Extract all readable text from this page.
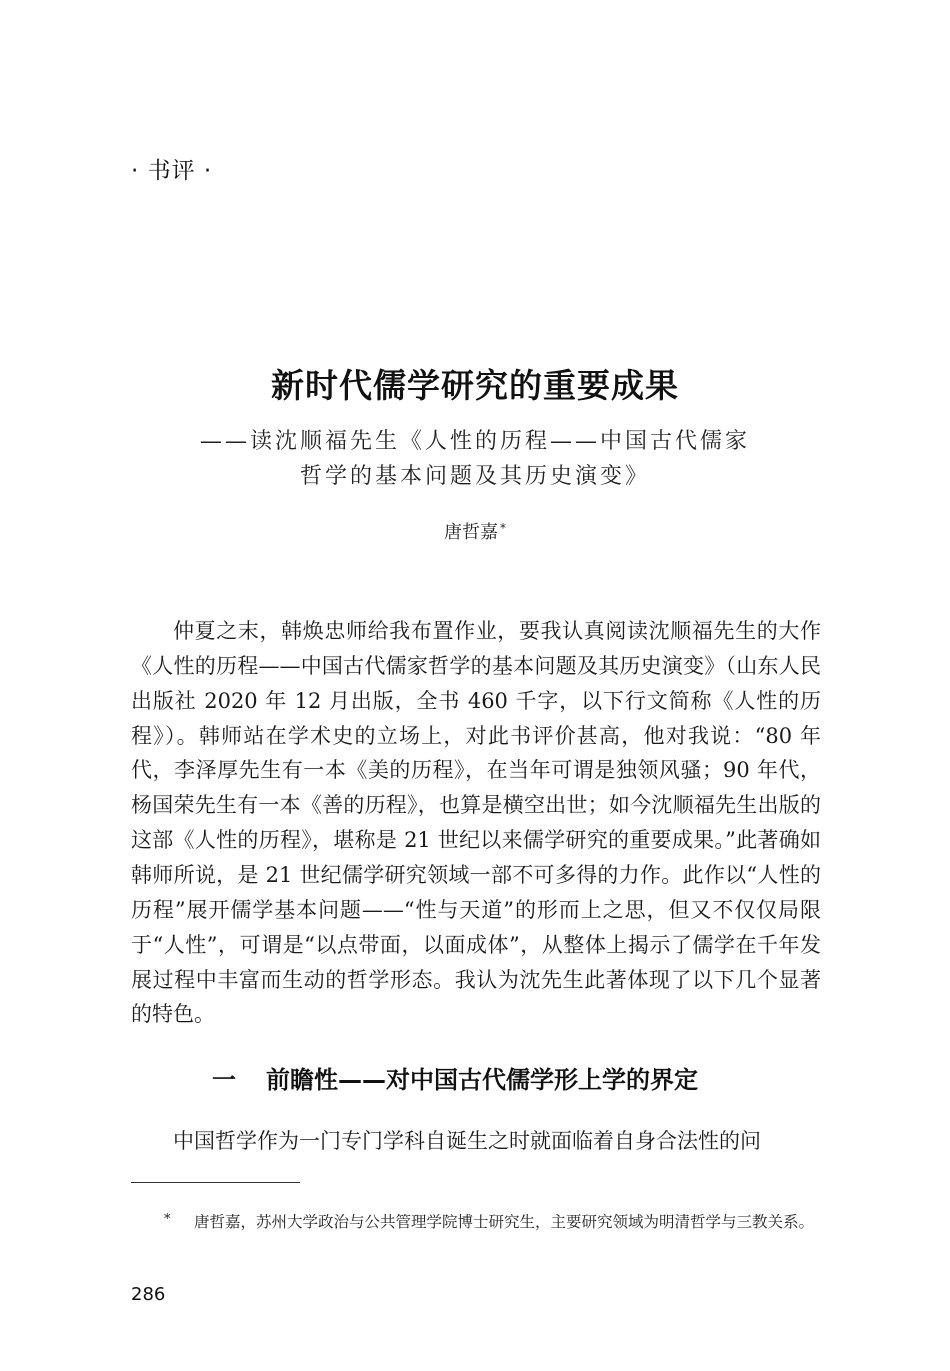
· 书评 ·
新时代儒学研究的重要成果
——读沈顺福先生《人性的历程——中国古代儒家
哲学的基本问题及其历史演变》
唐哲嘉 *

仲夏之末，韩焕忠师给我布置作业，要我认真阅读沈顺福先生的大作《人性的历程——中国古代儒家哲学的基本问题及其历史演变》（山东人民出版社 2020 年 12 月出版，全书 460 千字，以下行文简称《人性的历程》）。韩师站在学术史的立场上，对此书评价甚高，他对我说：“80 年代，李泽厚先生有一本《美的历程》，在当年可谓是独领风骚；90 年代，杨国荣先生有一本《善的历程》，也算是横空出世；如今沈顺福先生出版的这部《人性的历程》，堪称是 21 世纪以来儒学研究的重要成果。”此著确如韩师所说，是 21 世纪儒学研究领域一部不可多得的力作。此作以“人性的历程”展开儒学基本问题——“性与天道”的形而上之思，但又不仅仅局限于“人性”，可谓是“以点带面，以面成体”，从整体上揭示了儒学在千年发展过程中丰富而生动的哲学形态。我认为沈先生此著体现了以下几个显著的特色。

一 前瞻性——对中国古代儒学形上学的界定

中国哲学作为一门专门学科自诞生之时就面临着自身合法性的问

*	唐哲嘉，苏州大学政治与公共管理学院博士研究生，主要研究领域为明清哲学与三教关系。
286
